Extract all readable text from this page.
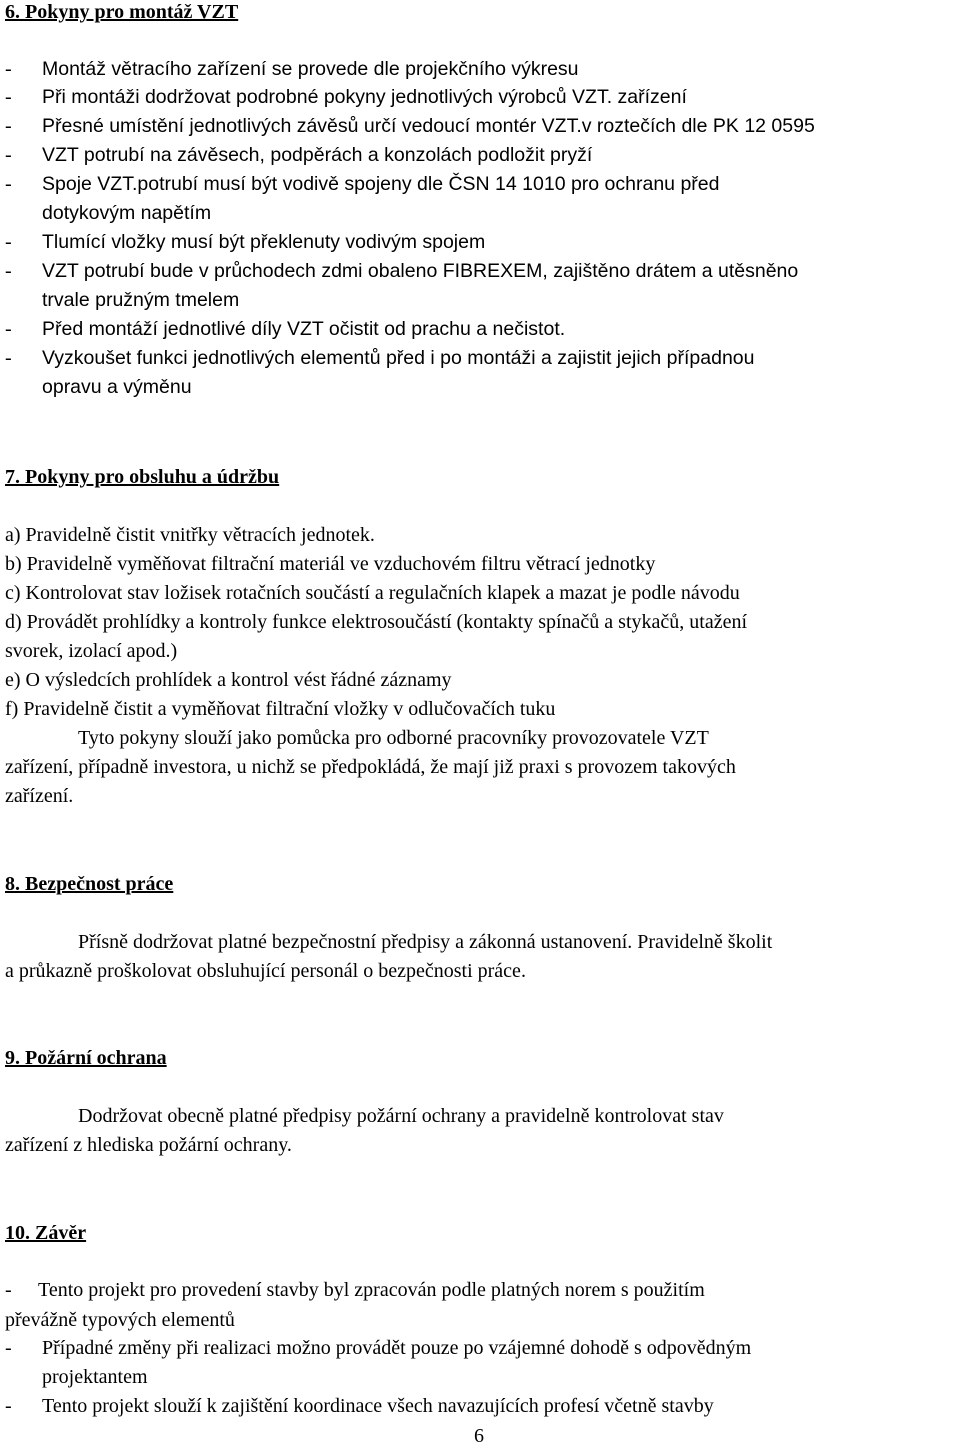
6. Pokyny pro montáž VZT
- Montáž větracího zařízení se provede dle projekčního výkresu
- Při montáži dodržovat podrobné pokyny jednotlivých výrobců VZT. zařízení
- Přesné umístění jednotlivých závěsů určí vedoucí montér VZT.v roztečích dle PK 12 0595
- VZT potrubí na závěsech, podpěrách a konzolách podložit pryží
- Spoje VZT.potrubí musí být vodivě spojeny dle ČSN 14 1010 pro ochranu před
dotykovým napětím
- Tlumící vložky musí být překlenuty vodivým spojem
- VZT potrubí bude v průchodech zdmi obaleno FIBREXEM, zajištěno drátem a utěsněno
trvale pružným tmelem
- Před montáží jednotlivé díly VZT očistit od prachu a nečistot.
- Vyzkoušet funkci jednotlivých elementů před i po montáži a zajistit jejich případnou
opravu a výměnu
7. Pokyny pro obsluhu a údržbu
a) Pravidelně čistit vnitřky větracích jednotek.
b) Pravidelně vyměňovat filtrační materiál ve vzduchovém filtru větrací jednotky
c) Kontrolovat stav ložisek rotačních součástí a regulačních klapek a mazat je podle návodu
d) Provádět prohlídky a kontroly funkce elektrosoučástí (kontakty spínačů a stykačů, utažení
svorek, izolací apod.)
e) O výsledcích prohlídek a kontrol vést řádné záznamy
f) Pravidelně čistit a vyměňovat filtrační vložky v odlučovačích tuku
Tyto pokyny slouží jako pomůcka pro odborné pracovníky provozovatele VZT
zařízení, případně investora, u nichž se předpokládá, že mají již praxi s provozem takových
zařízení.
8. Bezpečnost práce
Přísně dodržovat platné bezpečnostní předpisy a zákonná ustanovení. Pravidelně školit
a průkazně proškolovat obsluhující personál o bezpečnosti práce.
9. Požární ochrana
Dodržovat obecně platné předpisy požární ochrany a pravidelně kontrolovat stav
zařízení z hlediska požární ochrany.
10. Závěr
- Tento projekt pro provedení stavby byl zpracován podle platných norem s použitím
převážně typových elementů
- Případné změny při realizaci možno provádět pouze po vzájemné dohodě s odpovědným
projektantem
- Tento projekt slouží k zajištění koordinace všech navazujících profesí včetně stavby
6
